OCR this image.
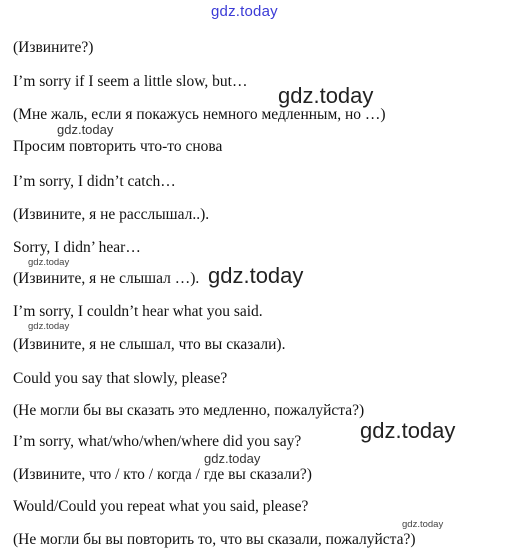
(Извините?)

I’m sorry if I seem a little slow, but…

(Мне жаль, если я покажусь немного медленным, но …)

Просим повторить что-то снова

I’m sorry, I didn’t catch…

(Извините, я не расслышал..).

Sorry, I didn’ hear…

(Извините, я не слышал …).

I’m sorry, I couldn’t hear what you said.

(Извините, я не слышал, что вы сказали).

Could you say that slowly, please?

(Не могли бы вы сказать это медленно, пожалуйста?)

I’m sorry, what/who/when/where did you say?

(Извините, что / кто / когда / где вы сказали?)

Would/Could you repeat what you said, please?

(Не могли бы вы повторить то, что вы сказали, пожалуйста?)

gdz.today
gdz.today
gdz.today
gdz.today
gdz.today
gdz.today
gdz.today
gdz.today
gdz.today
